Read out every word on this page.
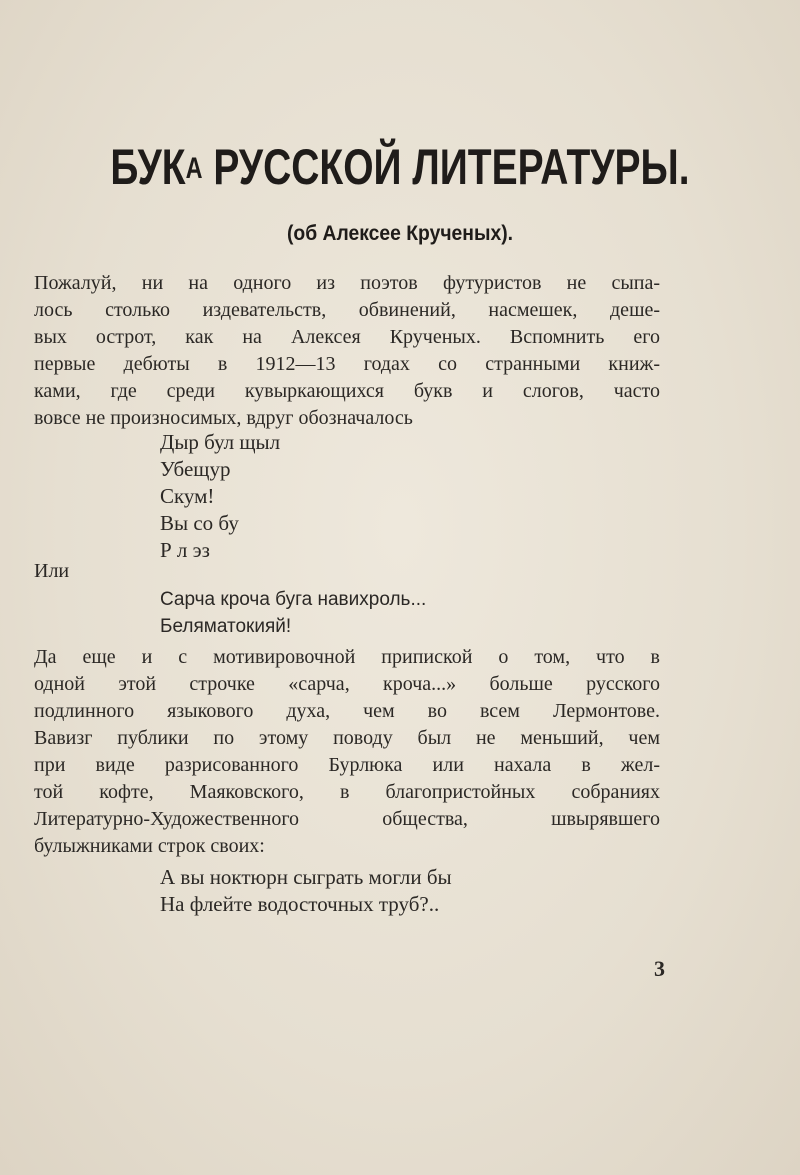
БУКА РУССКОЙ ЛИТЕРАТУРЫ.
(об Алексее Крученых).
Пожалуй, ни на одного из поэтов футуристов не сыпа-
лось столько издевательств, обвинений, насмешек, деше-
вых острот, как на Алексея Крученых. Вспомнить его
первые дебюты в 1912—13 годах со странными книж-
ками, где среди кувыркающихся букв и слогов, часто
вовсе не произносимых, вдруг обозначалось
Дыр бул щыл
Убещур
Скум!
Вы со бу
Р л эз
Или
Сарча кроча буга навихроль...
Беляматокияй!
Да еще и с мотивировочной припиской о том, что в
одной этой строчке «сарча, кроча...» больше русского
подлинного языкового духа, чем во всем Лермонтове.
Вавизг публики по этому поводу был не меньший, чем
при виде разрисованного Бурлюка или нахала в жел-
той кофте, Маяковского, в благопристойных собраниях
Литературно-Художественного общества, швырявшего
булыжниками строк своих:
А вы ноктюрн сыграть могли бы
На флейте водосточных труб?..
3
